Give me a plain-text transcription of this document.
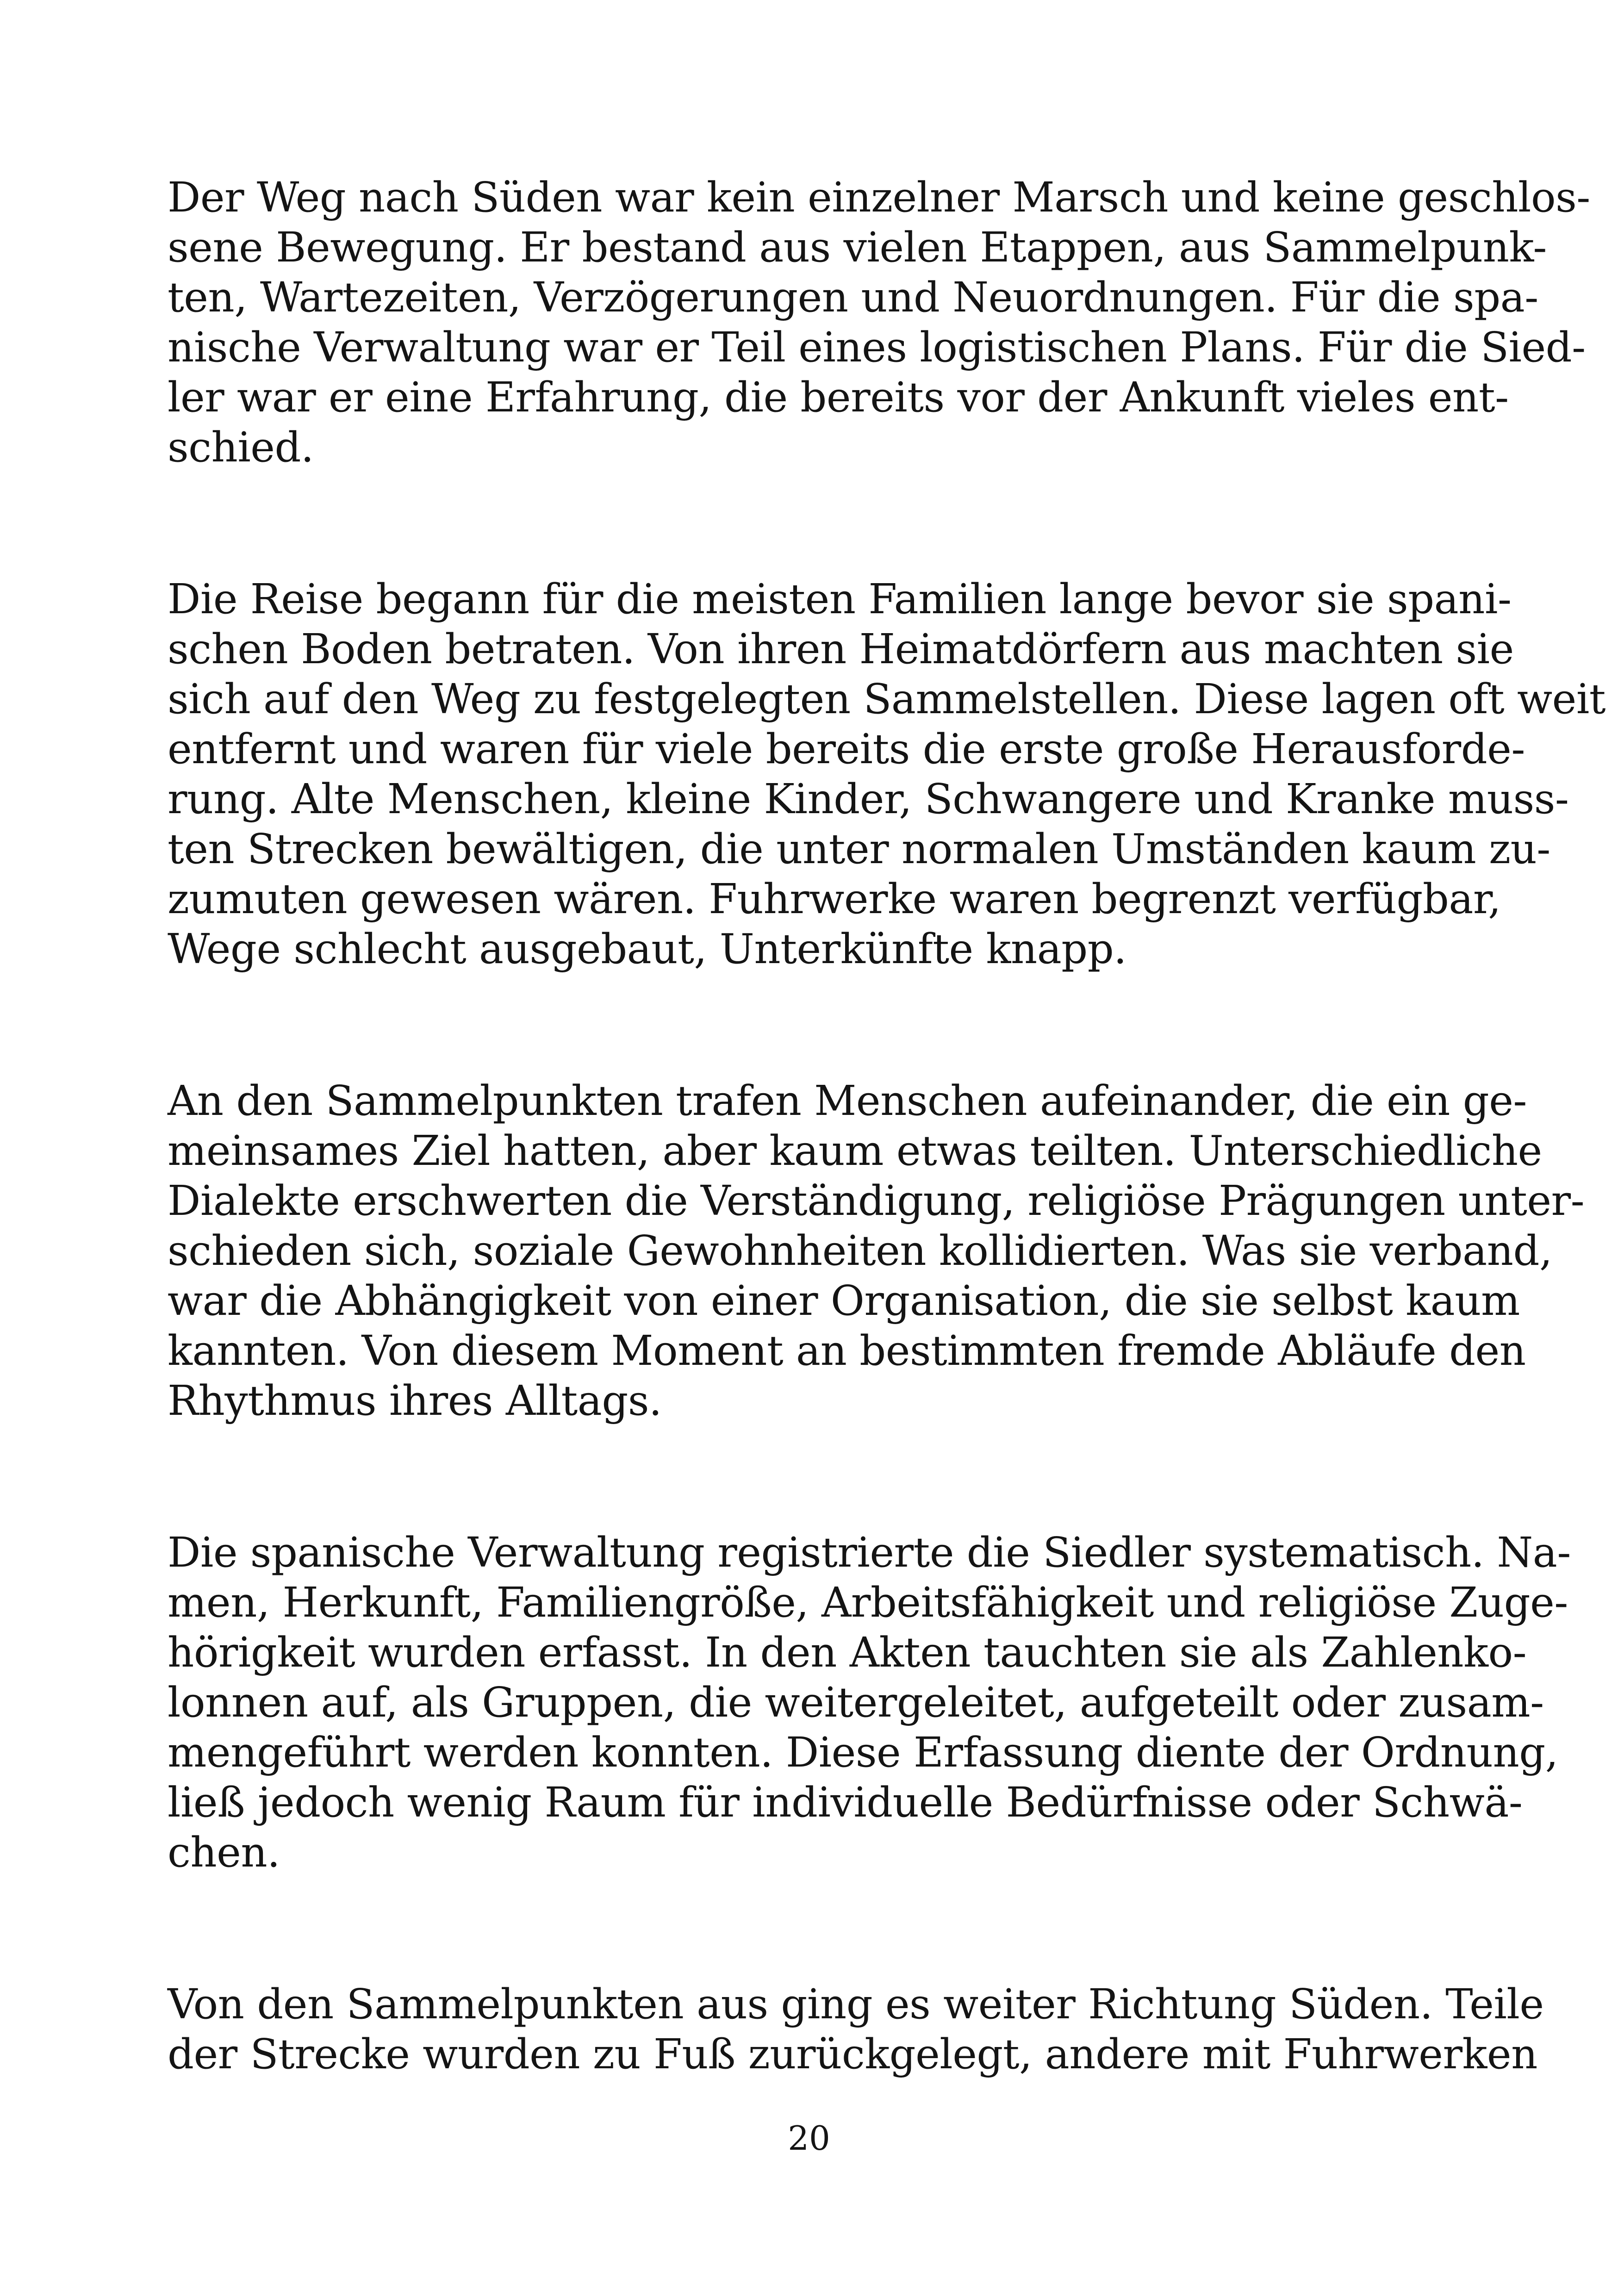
Der Weg nach Süden war kein einzelner Marsch und keine geschlos-
sene Bewegung. Er bestand aus vielen Etappen, aus Sammelpunk-
ten, Wartezeiten, Verzögerungen und Neuordnungen. Für die spa-
nische Verwaltung war er Teil eines logistischen Plans. Für die Sied-
ler war er eine Erfahrung, die bereits vor der Ankunft vieles ent-
schied.

Die Reise begann für die meisten Familien lange bevor sie spani-
schen Boden betraten. Von ihren Heimatdörfern aus machten sie
sich auf den Weg zu festgelegten Sammelstellen. Diese lagen oft weit
entfernt und waren für viele bereits die erste große Herausforde-
rung. Alte Menschen, kleine Kinder, Schwangere und Kranke muss-
ten Strecken bewältigen, die unter normalen Umständen kaum zu-
zumuten gewesen wären. Fuhrwerke waren begrenzt verfügbar,
Wege schlecht ausgebaut, Unterkünfte knapp.

An den Sammelpunkten trafen Menschen aufeinander, die ein ge-
meinsames Ziel hatten, aber kaum etwas teilten. Unterschiedliche
Dialekte erschwerten die Verständigung, religiöse Prägungen unter-
schieden sich, soziale Gewohnheiten kollidierten. Was sie verband,
war die Abhängigkeit von einer Organisation, die sie selbst kaum
kannten. Von diesem Moment an bestimmten fremde Abläufe den
Rhythmus ihres Alltags.

Die spanische Verwaltung registrierte die Siedler systematisch. Na-
men, Herkunft, Familiengröße, Arbeitsfähigkeit und religiöse Zuge-
hörigkeit wurden erfasst. In den Akten tauchten sie als Zahlenko-
lonnen auf, als Gruppen, die weitergeleitet, aufgeteilt oder zusam-
mengeführt werden konnten. Diese Erfassung diente der Ordnung,
ließ jedoch wenig Raum für individuelle Bedürfnisse oder Schwä-
chen.

Von den Sammelpunkten aus ging es weiter Richtung Süden. Teile
der Strecke wurden zu Fuß zurückgelegt, andere mit Fuhrwerken

20
